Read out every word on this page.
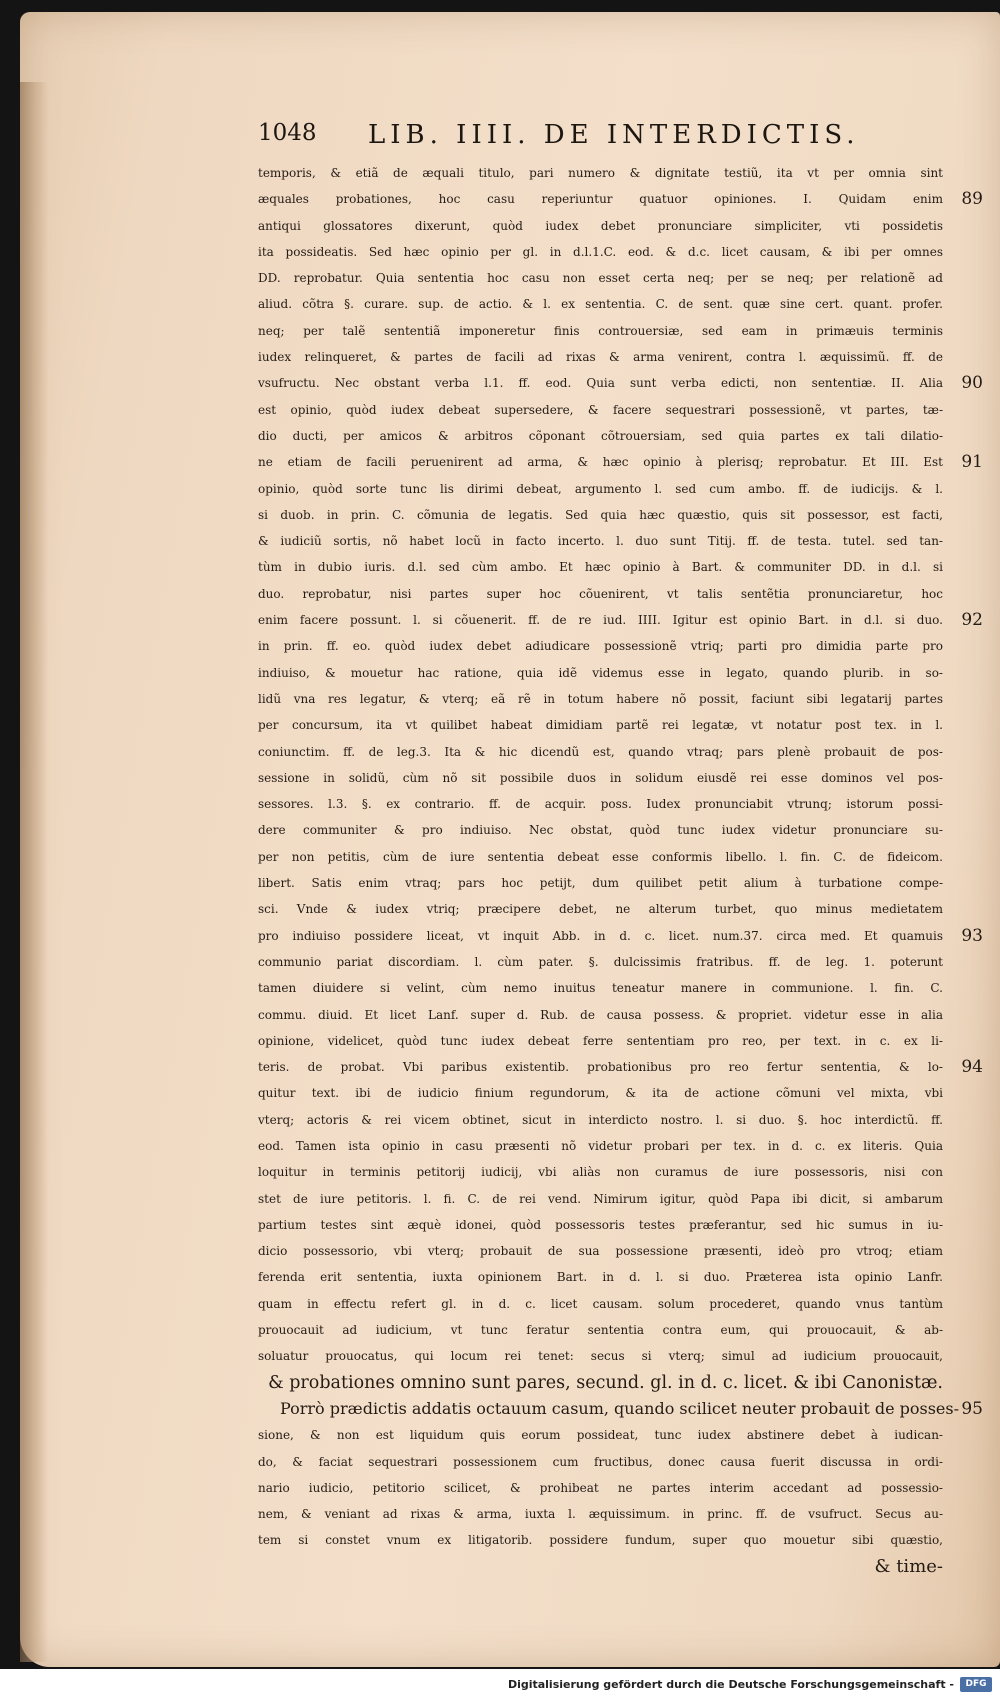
1048 LIB. IIII. DE INTERDICTIS.
temporis, & etiã de æquali titulo, pari numero & dignitate testiũ, ita vt per omnia sint
æquales probationes, hoc casu reperiuntur quatuor opiniones. I. Quidam enim 89
antiqui glossatores dixerunt, quòd iudex debet pronunciare simpliciter, vti possidetis
ita possideatis. Sed hæc opinio per gl. in d.l.1.C. eod. & d.c. licet causam, & ibi per omnes
DD. reprobatur. Quia sententia hoc casu non esset certa neq; per se neq; per relationẽ ad
aliud. cõtra §. curare. sup. de actio. & l. ex sententia. C. de sent. quæ sine cert. quant. profer.
neq; per talẽ sententiã imponeretur finis controuersiæ, sed eam in primæuis terminis
iudex relinqueret, & partes de facili ad rixas & arma venirent, contra l. æquissimũ. ff. de
vsufructu. Nec obstant verba l.1. ff. eod. Quia sunt verba edicti, non sententiæ. II. Alia 90
est opinio, quòd iudex debeat supersedere, & facere sequestrari possessionẽ, vt partes, tæ-
dio ducti, per amicos & arbitros cõponant cõtrouersiam, sed quia partes ex tali dilatio-
ne etiam de facili peruenirent ad arma, & hæc opinio à plerisq; reprobatur. Et III. Est 91
opinio, quòd sorte tunc lis dirimi debeat, argumento l. sed cum ambo. ff. de iudicijs. & l.
si duob. in prin. C. cõmunia de legatis. Sed quia hæc quæstio, quis sit possessor, est facti,
& iudiciũ sortis, nõ habet locũ in facto incerto. l. duo sunt Titij. ff. de testa. tutel. sed tan-
tùm in dubio iuris. d.l. sed cùm ambo. Et hæc opinio à Bart. & communiter DD. in d.l. si
duo. reprobatur, nisi partes super hoc cõuenirent, vt talis sentẽtia pronunciaretur, hoc
enim facere possunt. l. si cõuenerit. ff. de re iud. IIII. Igitur est opinio Bart. in d.l. si duo. 92
in prin. ff. eo. quòd iudex debet adiudicare possessionẽ vtriq; parti pro dimidia parte pro
indiuiso, & mouetur hac ratione, quia idẽ videmus esse in legato, quando plurib. in so-
lidũ vna res legatur, & vterq; eã rẽ in totum habere nõ possit, faciunt sibi legatarij partes
per concursum, ita vt quilibet habeat dimidiam partẽ rei legatæ, vt notatur post tex. in l.
coniunctim. ff. de leg.3. Ita & hic dicendũ est, quando vtraq; pars plenè probauit de pos-
sessione in solidũ, cùm nõ sit possibile duos in solidum eiusdẽ rei esse dominos vel pos-
sessores. l.3. §. ex contrario. ff. de acquir. poss. Iudex pronunciabit vtrunq; istorum possi-
dere communiter & pro indiuiso. Nec obstat, quòd tunc iudex videtur pronunciare su-
per non petitis, cùm de iure sententia debeat esse conformis libello. l. fin. C. de fideicom.
libert. Satis enim vtraq; pars hoc petijt, dum quilibet petit alium à turbatione compe-
sci. Vnde & iudex vtriq; præcipere debet, ne alterum turbet, quo minus medietatem
pro indiuiso possidere liceat, vt inquit Abb. in d. c. licet. num.37. circa med. Et quamuis 93
communio pariat discordiam. l. cùm pater. §. dulcissimis fratribus. ff. de leg. 1. poterunt
tamen diuidere si velint, cùm nemo inuitus teneatur manere in communione. l. fin. C.
commu. diuid. Et licet Lanf. super d. Rub. de causa possess. & propriet. videtur esse in alia
opinione, videlicet, quòd tunc iudex debeat ferre sententiam pro reo, per text. in c. ex li-
teris. de probat. Vbi paribus existentib. probationibus pro reo fertur sententia, & lo- 94
quitur text. ibi de iudicio finium regundorum, & ita de actione cõmuni vel mixta, vbi
vterq; actoris & rei vicem obtinet, sicut in interdicto nostro. l. si duo. §. hoc interdictũ. ff.
eod. Tamen ista opinio in casu præsenti nõ videtur probari per tex. in d. c. ex literis. Quia
loquitur in terminis petitorij iudicij, vbi aliàs non curamus de iure possessoris, nisi con
stet de iure petitoris. l. fi. C. de rei vend. Nimirum igitur, quòd Papa ibi dicit, si ambarum
partium testes sint æquè idonei, quòd possessoris testes præferantur, sed hic sumus in iu-
dicio possessorio, vbi vterq; probauit de sua possessione præsenti, ideò pro vtroq; etiam
ferenda erit sententia, iuxta opinionem Bart. in d. l. si duo. Præterea ista opinio Lanfr.
quam in effectu refert gl. in d. c. licet causam. solum procederet, quando vnus tantùm
prouocauit ad iudicium, vt tunc feratur sententia contra eum, qui prouocauit, & ab-
soluatur prouocatus, qui locum rei tenet: secus si vterq; simul ad iudicium prouocauit,
& probationes omnino sunt pares, secund. gl. in d. c. licet. & ibi Canonistæ.
Porrò prædictis addatis octauum casum, quando scilicet neuter probauit de posses- 95
sione, & non est liquidum quis eorum possideat, tunc iudex abstinere debet à iudican-
do, & faciat sequestrari possessionem cum fructibus, donec causa fuerit discussa in ordi-
nario iudicio, petitorio scilicet, & prohibeat ne partes interim accedant ad possessio-
nem, & veniant ad rixas & arma, iuxta l. æquissimum. in princ. ff. de vsufruct. Secus au-
tem si constet vnum ex litigatorib. possidere fundum, super quo mouetur sibi quæstio,
& time-
Digitalisierung gefördert durch die Deutsche Forschungsgemeinschaft -	DFG
